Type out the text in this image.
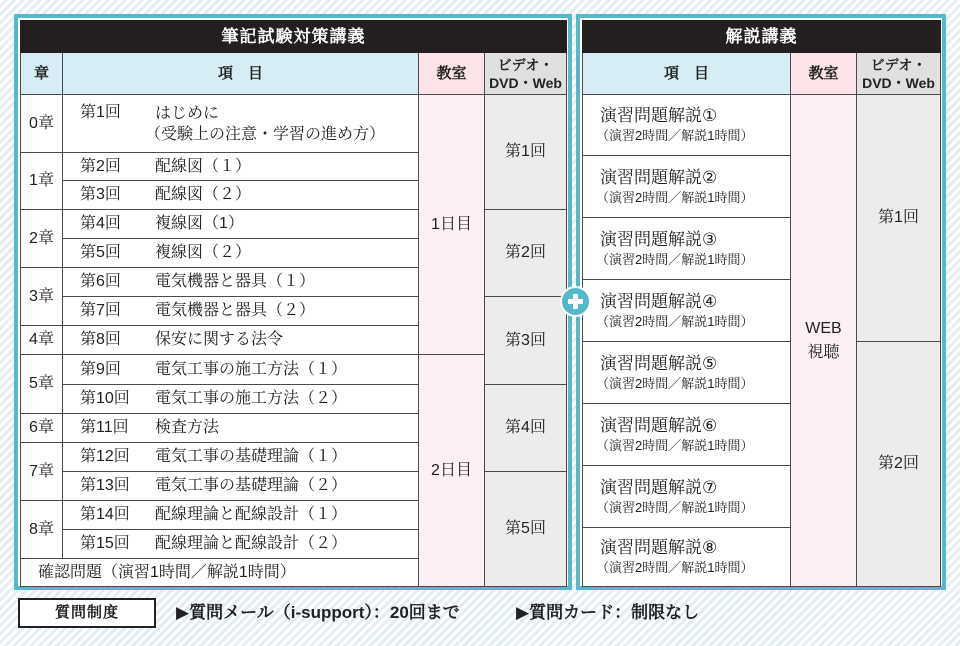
筆記試験対策講義			
章	項　目	教室	ビデオ・
DVD・Web

0章	第1回 はじめに
（受験上の注意・学習の進め方）	1日目	第1回
1章	第2回 配線図（１）		
	第3回 配線図（２）		
2章	第4回 複線図（1）		第2回
	第5回 複線図（２）		
3章	第6回 電気機器と器具（１）		
	第7回 電気機器と器具（２）		第3回
4章	第8回 保安に関する法令		
5章	第9回 電気工事の施工方法（１）	2日目	
	第10回 電気工事の施工方法（２）		第4回
6章	第11回 検査方法		
7章	第12回 電気工事の基礎理論（１）		
	第13回 電気工事の基礎理論（２）		第5回
8章	第14回 配線理論と配線設計（１）		
	第15回 配線理論と配線設計（２）		
確認問題（演習1時間／解説1時間）			
解説講義		
項　目	教室	ビデオ・
DVD・Web

演習問題解説①
（演習2時間／解説1時間）	WEB
視聴	第1回

演習問題解説②
（演習2時間／解説1時間）		

演習問題解説③
（演習2時間／解説1時間）		

演習問題解説④
（演習2時間／解説1時間）		

演習問題解説⑤
（演習2時間／解説1時間）		第2回

演習問題解説⑥
（演習2時間／解説1時間）		

演習問題解説⑦
（演習2時間／解説1時間）		

演習問題解説⑧
（演習2時間／解説1時間）		
質問制度	▶質問メール（i-support）：20回まで	▶質問カード：制限なし
